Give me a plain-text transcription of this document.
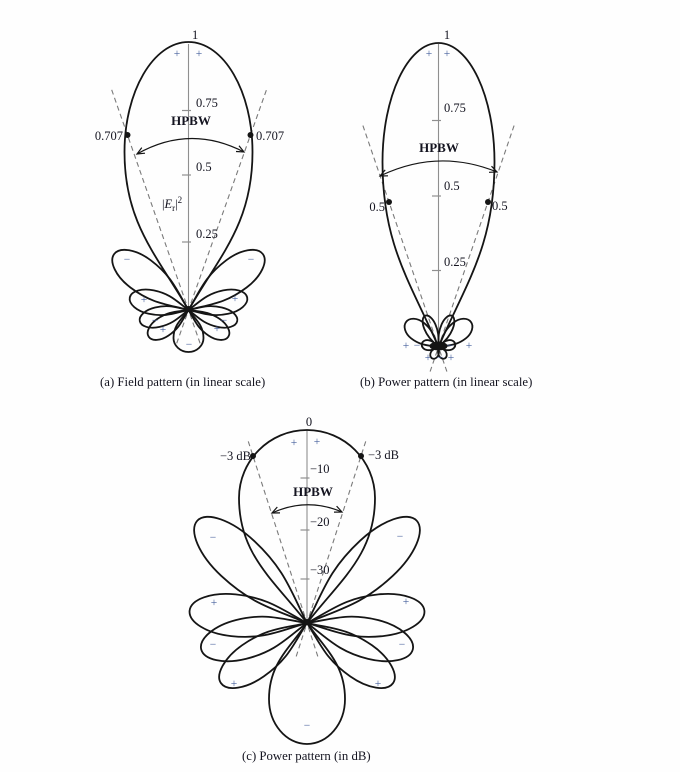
1
0.75
HPBW
0.5
0.25
0.707	0.707
+ +
−	−
+	+
−	−
+	+
−
$|E_r|^2$
1
0.75
HPBW
0.5
0.25
0.5	0.5
+ +
+ − − +
+ − +
0
−10
HPBW
−20
−30
−3 dB	−3 dB
+ +
−	−
+	+
−	−
+	+
−
(a) Field pattern (in linear scale)	(b) Power pattern (in linear scale)
(c) Power pattern (in dB)
